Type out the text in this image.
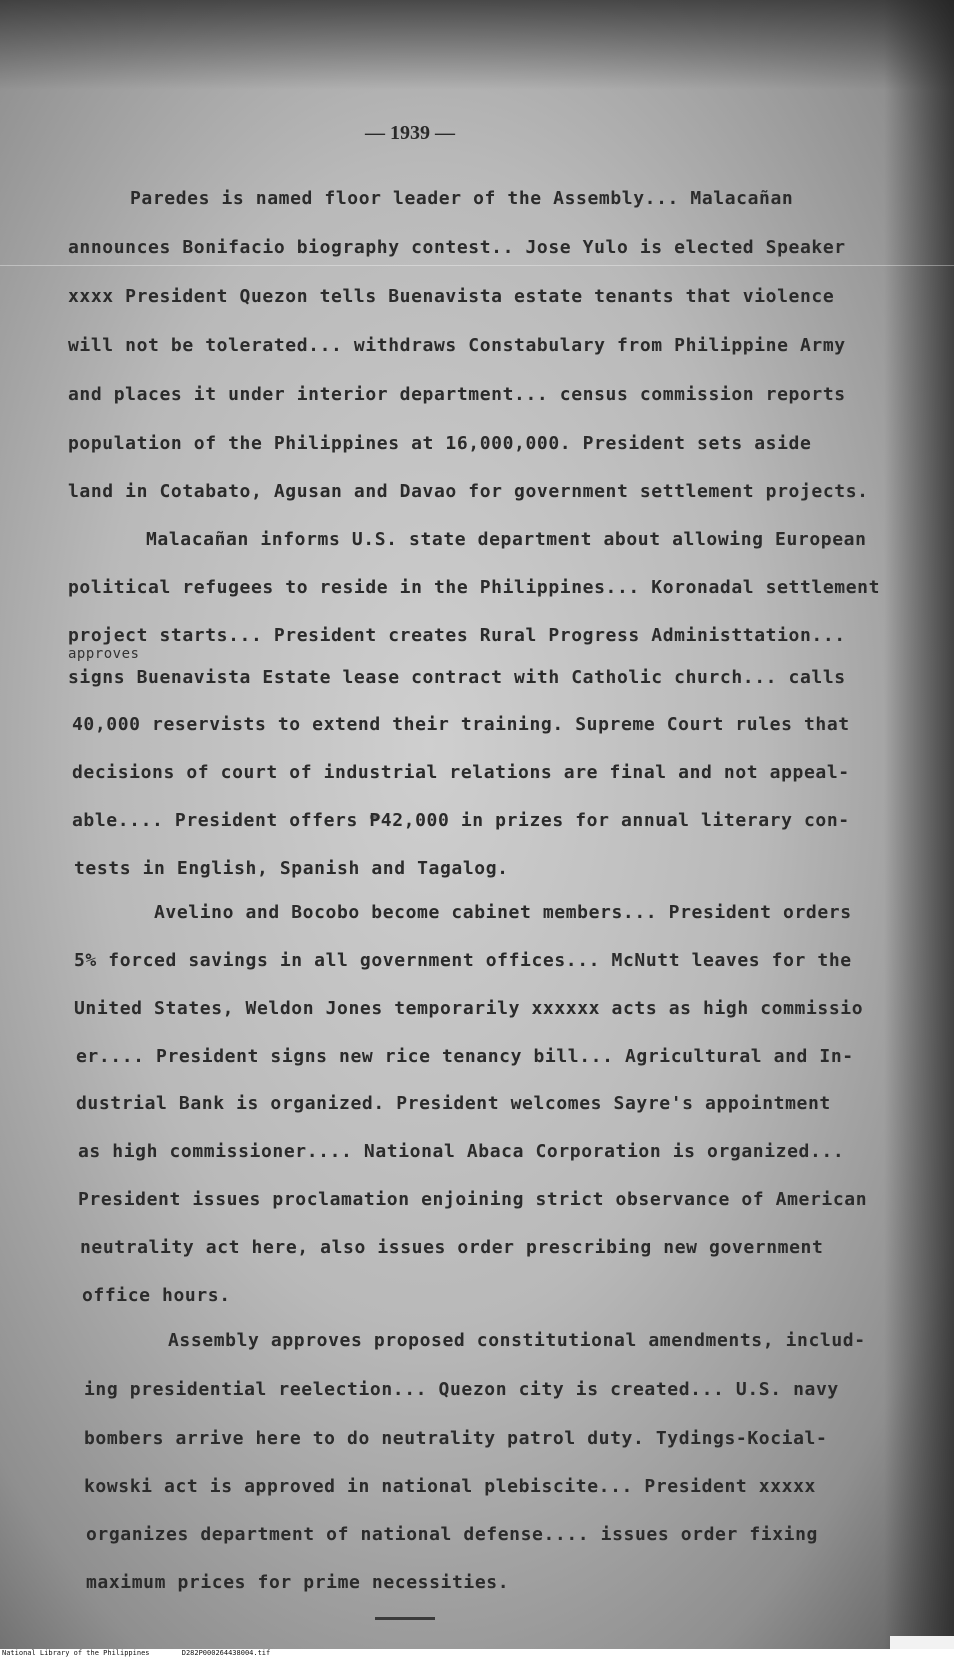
— 1939 —
Paredes is named floor leader of the Assembly... Malacañan
announces Bonifacio biography contest.. Jose Yulo is elected Speaker
xxxx President Quezon tells Buenavista estate tenants that violence
will not be tolerated... withdraws Constabulary from Philippine Army
and places it under interior department... census commission reports
population of the Philippines at 16,000,000. President sets aside
land in Cotabato, Agusan and Davao for government settlement projects.
Malacañan informs U.S. state department about allowing European
political refugees to reside in the Philippines... Koronadal settlement
project starts... President creates Rural Progress Administtation...
approves
signs Buenavista Estate lease contract with Catholic church... calls
40,000 reservists to extend their training. Supreme Court rules that
decisions of court of industrial relations are final and not appeal-
able.... President offers ₱42,000 in prizes for annual literary con-
tests in English, Spanish and Tagalog.
Avelino and Bocobo become cabinet members... President orders
5% forced savings in all government offices... McNutt leaves for the
United States, Weldon Jones temporarily xxxxxx acts as high commissio
er.... President signs new rice tenancy bill... Agricultural and In-
dustrial Bank is organized. President welcomes Sayre's appointment
as high commissioner.... National Abaca Corporation is organized...
President issues proclamation enjoining strict observance of American
neutrality act here, also issues order prescribing new government
office hours.
Assembly approves proposed constitutional amendments, includ-
ing presidential reelection... Quezon city is created... U.S. navy
bombers arrive here to do neutrality patrol duty. Tydings-Kocial-
kowski act is approved in national plebiscite... President xxxxx
organizes department of national defense.... issues order fixing
maximum prices for prime necessities.
National Library of the Philippines	D282P000264438004.tif
